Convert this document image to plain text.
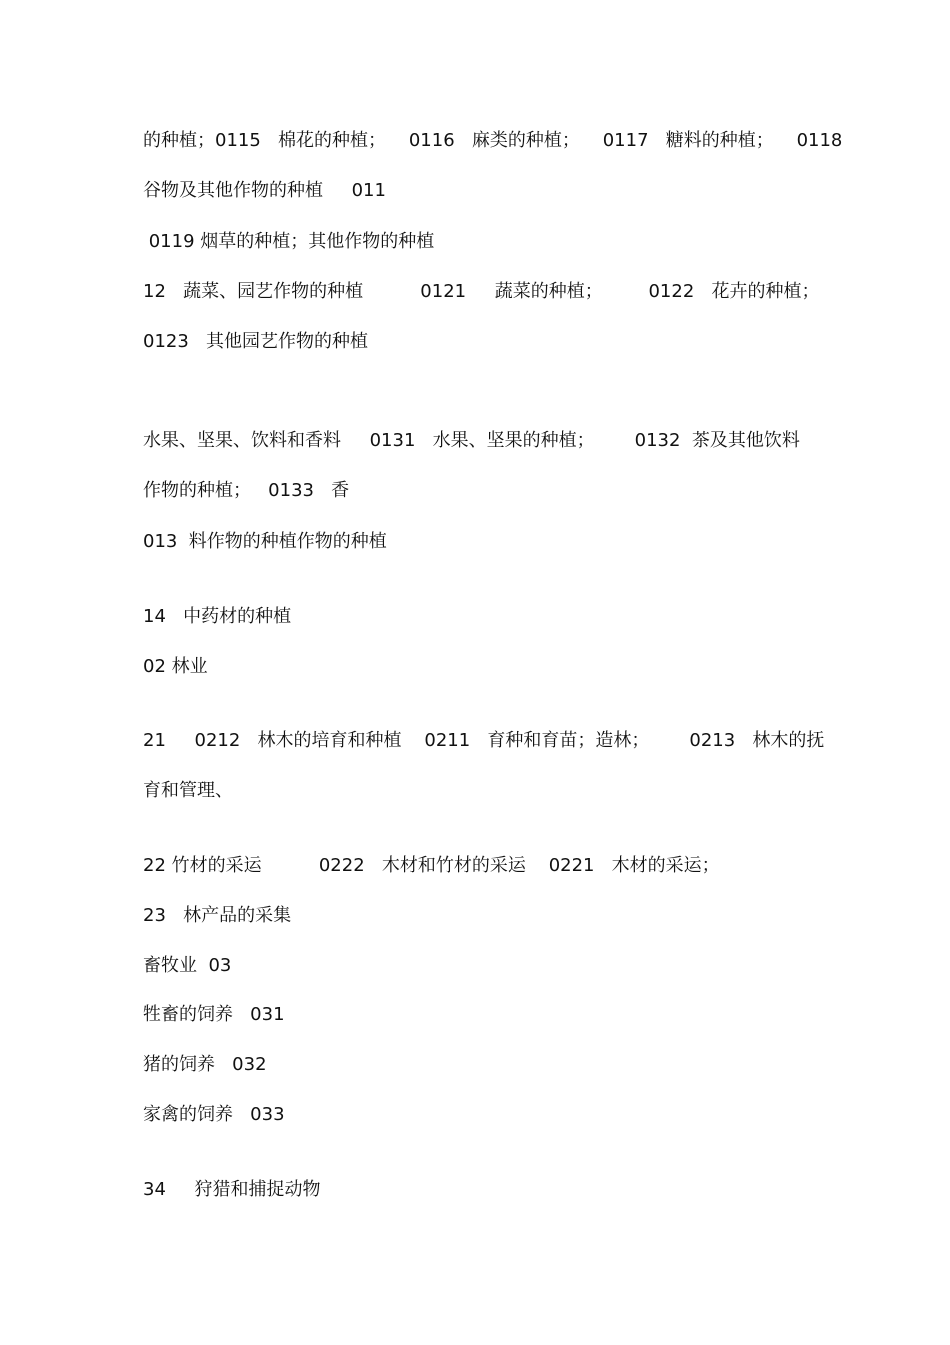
的种植；0115   棉花的种植；    0116   麻类的种植；    0117   糖料的种植；    0118
谷物及其他作物的种植     011
0119 烟草的种植；其他作物的种植
12   蔬菜、园艺作物的种植          0121     蔬菜的种植；        0122   花卉的种植；
0123   其他园艺作物的种植
水果、坚果、饮料和香料     0131   水果、坚果的种植；       0132  茶及其他饮料
作物的种植；   0133   香
013  料作物的种植作物的种植
14   中药材的种植
02 林业
21     0212   林木的培育和种植    0211   育种和育苗；造林；       0213   林木的抚
育和管理、
22 竹材的采运          0222   木材和竹材的采运    0221   木材的采运；
23   林产品的采集
畜牧业  03
牲畜的饲养   031
猪的饲养   032
家禽的饲养   033
34     狩猎和捕捉动物
